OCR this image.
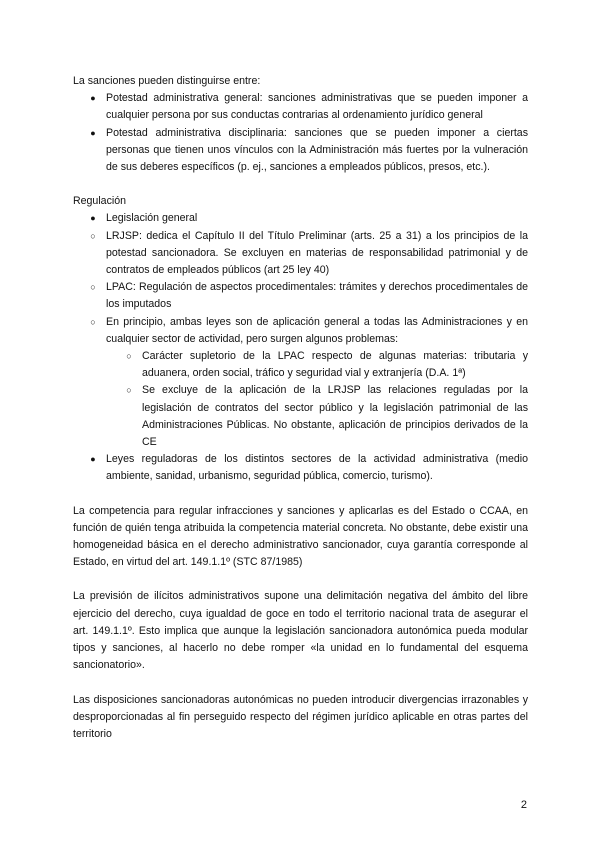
La sanciones pueden distinguirse entre:

● Potestad administrativa general: sanciones administrativas que se pueden imponer a cualquier persona por sus conductas contrarias al ordenamiento jurídico general
● Potestad administrativa disciplinaria: sanciones que se pueden imponer a ciertas personas que tienen unos vínculos con la Administración más fuertes por la vulneración de sus deberes específicos (p. ej., sanciones a empleados públicos, presos, etc.).

Regulación

● Legislación general
○ LRJSP: dedica el Capítulo II del Título Preliminar (arts. 25 a 31) a los principios de la potestad sancionadora. Se excluyen en materias de responsabilidad patrimonial y de contratos de empleados públicos (art 25 ley 40)
○ LPAC: Regulación de aspectos procedimentales: trámites y derechos procedimentales de los imputados
○ En principio, ambas leyes son de aplicación general a todas las Administraciones y en cualquier sector de actividad, pero surgen algunos problemas:
○ Carácter supletorio de la LPAC respecto de algunas materias: tributaria y aduanera, orden social, tráfico y seguridad vial y extranjería (D.A. 1ª)
○ Se excluye de la aplicación de la LRJSP las relaciones reguladas por la legislación de contratos del sector público y la legislación patrimonial de las Administraciones Públicas. No obstante, aplicación de principios derivados de la CE
● Leyes reguladoras de los distintos sectores de la actividad administrativa (medio ambiente, sanidad, urbanismo, seguridad pública, comercio, turismo).

La competencia para regular infracciones y sanciones y aplicarlas es del Estado o CCAA, en función de quién tenga atribuida la competencia material concreta. No obstante, debe existir una homogeneidad básica en el derecho administrativo sancionador, cuya garantía corresponde al Estado, en virtud del art. 149.1.1º (STC 87/1985)

La previsión de ilícitos administrativos supone una delimitación negativa del ámbito del libre ejercicio del derecho, cuya igualdad de goce en todo el territorio nacional trata de asegurar el art. 149.1.1º. Esto implica que aunque la legislación sancionadora autonómica pueda modular tipos y sanciones, al hacerlo no debe romper «la unidad en lo fundamental del esquema sancionatorio».

Las disposiciones sancionadoras autonómicas no pueden introducir divergencias irrazonables y desproporcionadas al fin perseguido respecto del régimen jurídico aplicable en otras partes del territorio

2
